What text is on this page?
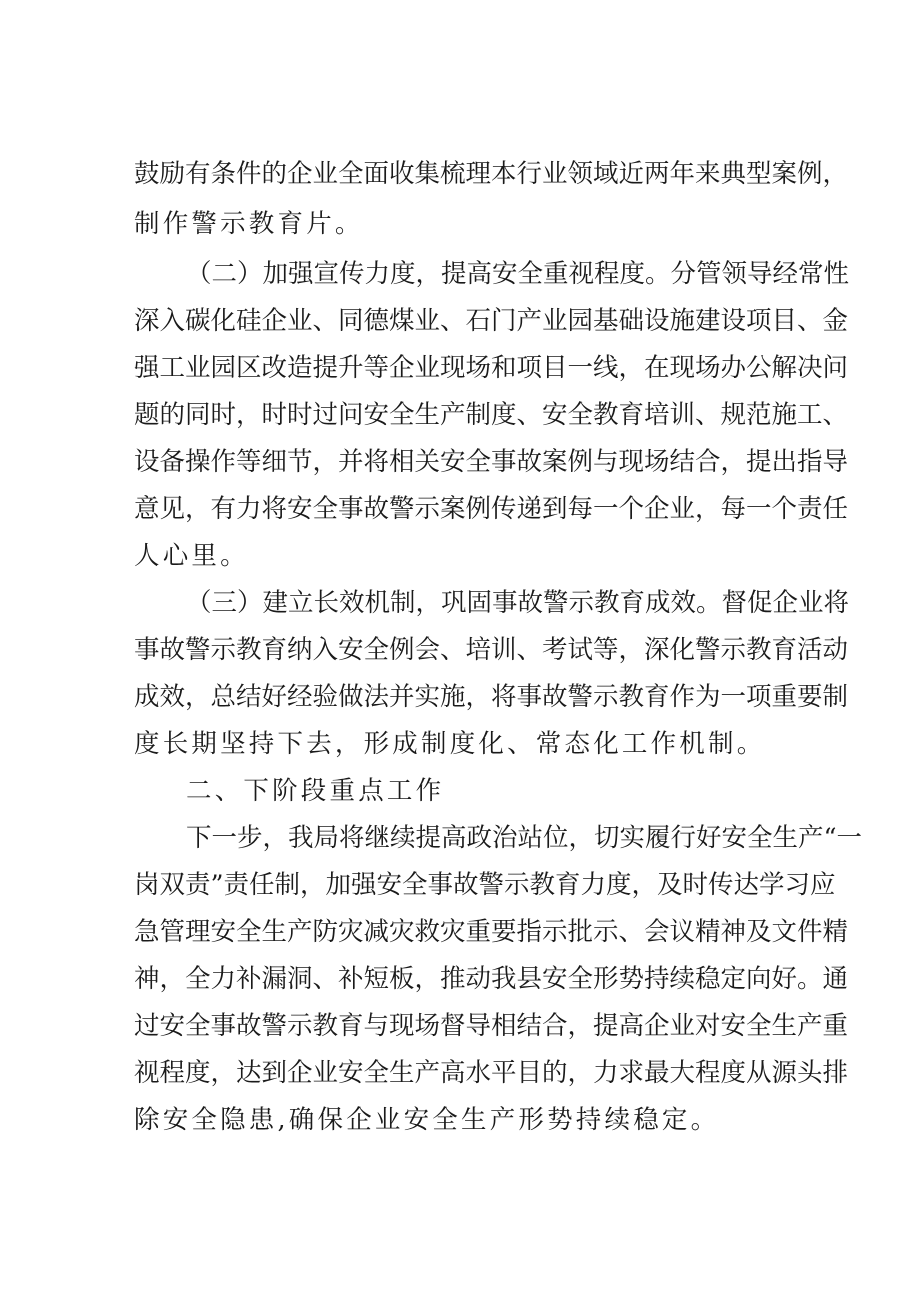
鼓励有条件的企业全面收集梳理本行业领域近两年来典型案例，
制作警示教育片。
（二）加强宣传力度，提高安全重视程度。分管领导经常性
深入碳化硅企业、同德煤业、石门产业园基础设施建设项目、金
强工业园区改造提升等企业现场和项目一线，在现场办公解决问
题的同时，时时过问安全生产制度、安全教育培训、规范施工、
设备操作等细节，并将相关安全事故案例与现场结合，提出指导
意见，有力将安全事故警示案例传递到每一个企业，每一个责任
人心里。
（三）建立长效机制，巩固事故警示教育成效。督促企业将
事故警示教育纳入安全例会、培训、考试等，深化警示教育活动
成效，总结好经验做法并实施，将事故警示教育作为一项重要制
度长期坚持下去，形成制度化、常态化工作机制。
二、下阶段重点工作
下一步，我局将继续提高政治站位，切实履行好安全生产“一
岗双责”责任制，加强安全事故警示教育力度，及时传达学习应
急管理安全生产防灾减灾救灾重要指示批示、会议精神及文件精
神，全力补漏洞、补短板，推动我县安全形势持续稳定向好。通
过安全事故警示教育与现场督导相结合，提高企业对安全生产重
视程度，达到企业安全生产高水平目的，力求最大程度从源头排
除安全隐患,确保企业安全生产形势持续稳定。
